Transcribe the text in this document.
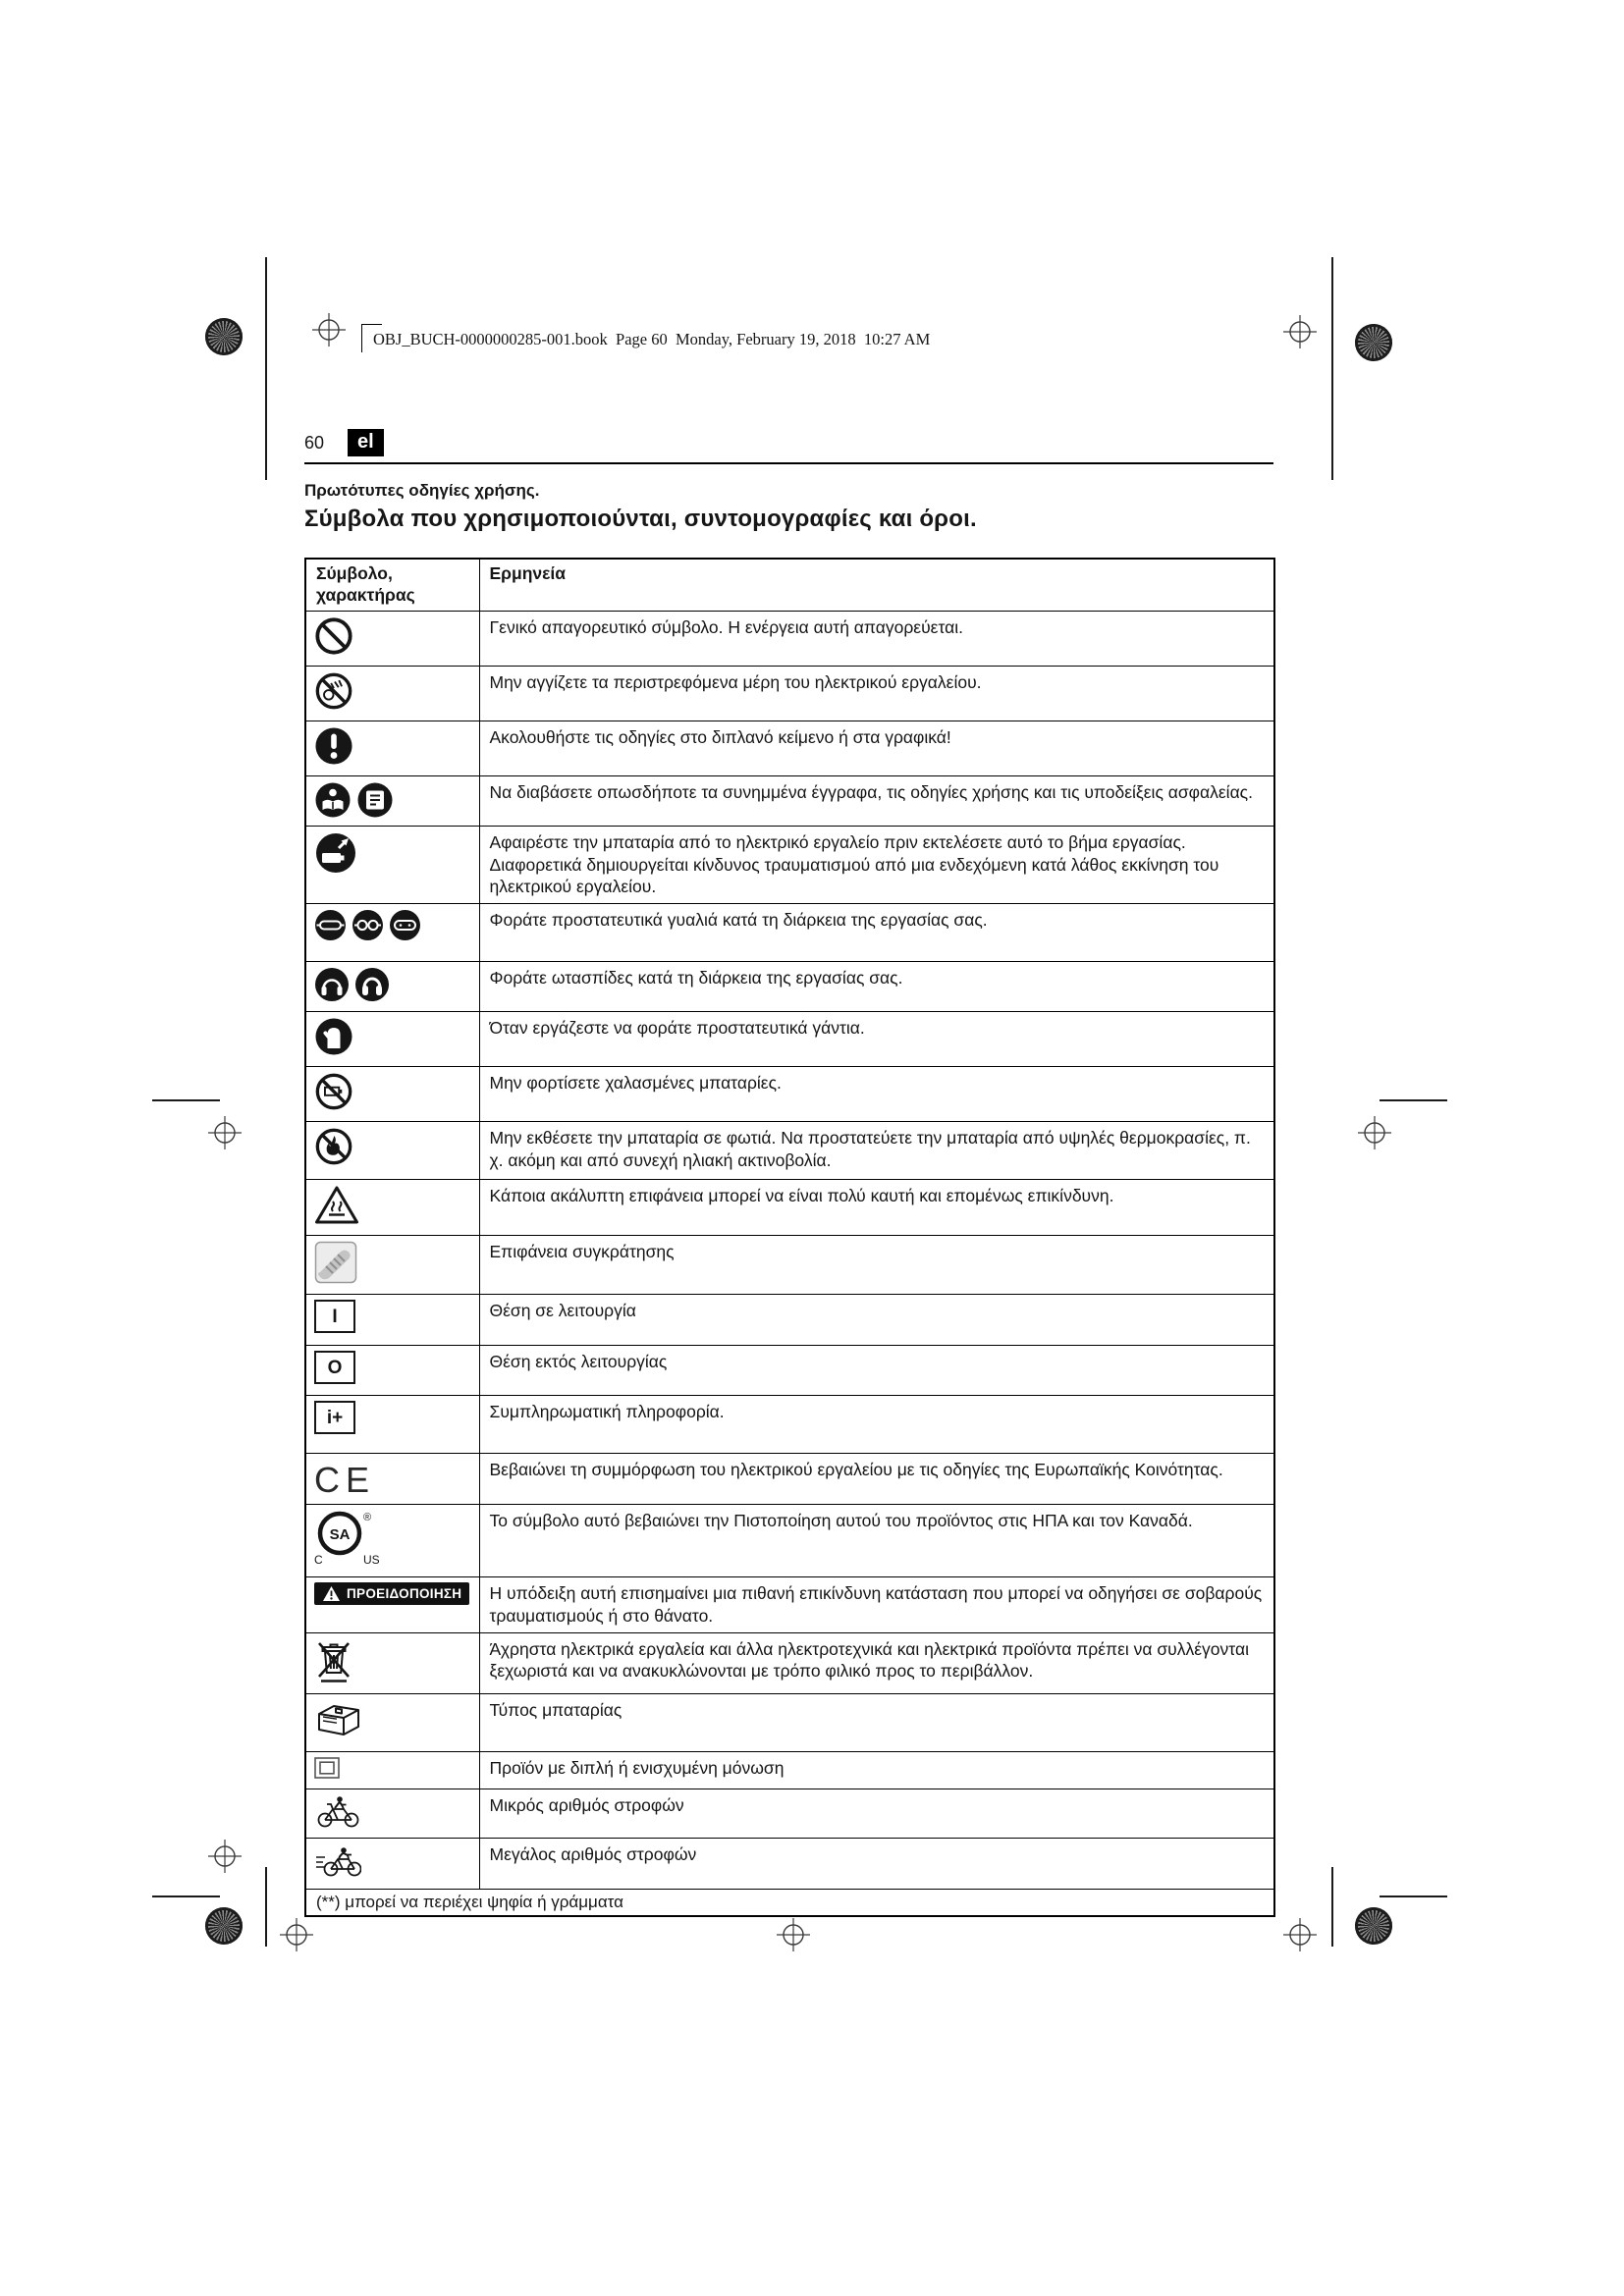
OBJ_BUCH-0000000285-001.book  Page 60  Monday, February 19, 2018  10:27 AM
60	el
Πρωτότυπες οδηγίες χρήσης.
Σύμβολα που χρησιμοποιούνται, συντομογραφίες και όροι.
Σύμβολο, χαρακτήρας	Ερμηνεία
	Γενικό απαγορευτικό σύμβολο. Η ενέργεια αυτή απαγορεύεται.
	Μην αγγίζετε τα περιστρεφόμενα μέρη του ηλεκτρικού εργαλείου.
	Ακολουθήστε τις οδηγίες στο διπλανό κείμενο ή στα γραφικά!

	Να διαβάσετε οπωσδήποτε τα συνημμένα έγγραφα, τις οδηγίες χρήσης και τις υποδείξεις ασφαλείας.
	Αφαιρέστε την μπαταρία από το ηλεκτρικό εργαλείο πριν εκτελέσετε αυτό το βήμα εργασίας. Διαφορετικά δημιουργείται κίνδυνος τραυματισμού από μια ενδεχόμενη κατά λάθος εκκίνηση του ηλεκτρικού εργαλείου.

	Φοράτε προστατευτικά γυαλιά κατά τη διάρκεια της εργασίας σας.

	Φοράτε ωτασπίδες κατά τη διάρκεια της εργασίας σας.
	Όταν εργάζεστε να φοράτε προστατευτικά γάντια.
	Μην φορτίσετε χαλασμένες μπαταρίες.
	Μην εκθέσετε την μπαταρία σε φωτιά. Να προστατεύετε την μπαταρία από υψηλές θερμοκρασίες, π. χ. ακόμη και από συνεχή ηλιακή ακτινοβολία.
	Κάποια ακάλυπτη επιφάνεια μπορεί να είναι πολύ καυτή και επομένως επικίνδυνη.
	Επιφάνεια συγκράτησης
I	Θέση σε λειτουργία
O	Θέση εκτός λειτουργίας
i+	Συμπληρωματική πληροφορία.
CE	Βεβαιώνει τη συμμόρφωση του ηλεκτρικού εργαλείου με τις οδηγίες της Ευρωπαϊκής Κοινότητας.

SA
®
C US	Το σύμβολο αυτό βεβαιώνει την Πιστοποίηση αυτού του προϊόντος στις ΗΠΑ και τον Καναδά.

ΠΡΟΕΙΔΟΠΟΙΗΣΗ	Η υπόδειξη αυτή επισημαίνει μια πιθανή επικίνδυνη κατάσταση που μπορεί να οδηγήσει σε σοβαρούς τραυματισμούς ή στο θάνατο.
	Άχρηστα ηλεκτρικά εργαλεία και άλλα ηλεκτροτεχνικά και ηλεκτρικά προϊόντα πρέπει να συλλέγονται ξεχωριστά και να ανακυκλώνονται με τρόπο φιλικό προς το περιβάλλον.
	Τύπος μπαταρίας
	Προϊόν με διπλή ή ενισχυμένη μόνωση
	Μικρός αριθμός στροφών
	Μεγάλος αριθμός στροφών
(**) μπορεί να περιέχει ψηφία ή γράμματα	
